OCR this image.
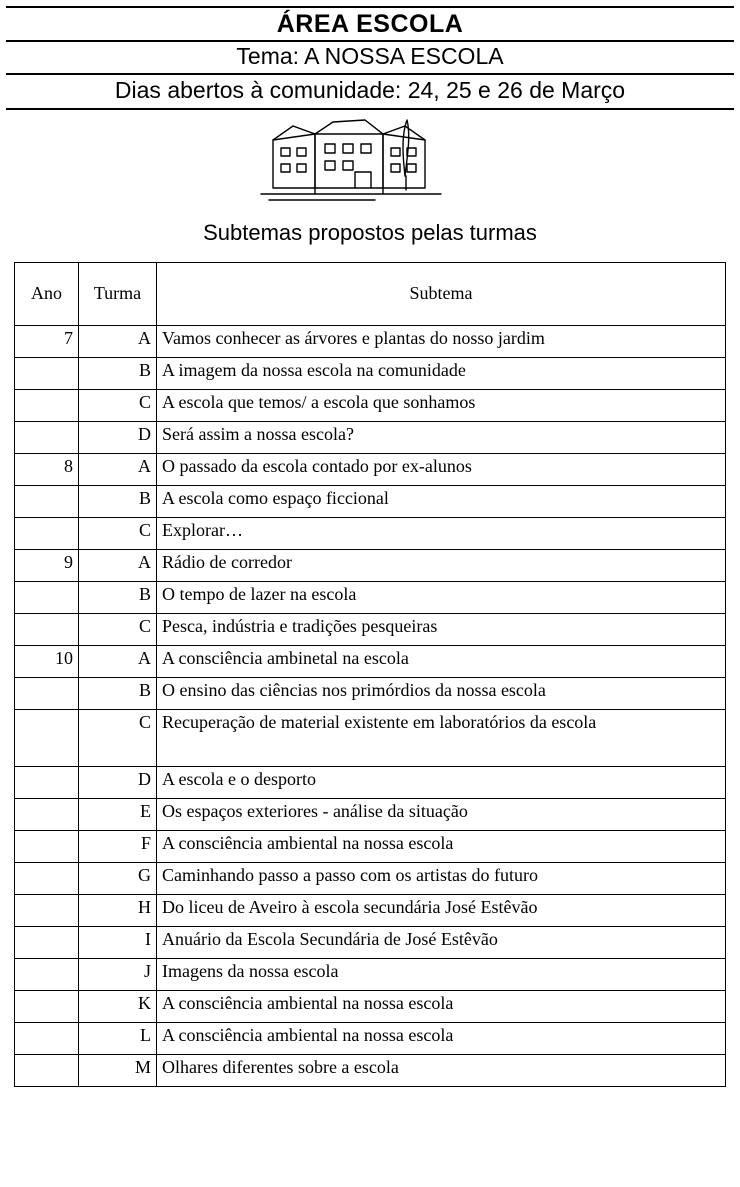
ÁREA ESCOLA
Tema: A NOSSA ESCOLA
Dias abertos à comunidade: 24, 25 e 26 de Março
Subtemas propostos pelas turmas
Ano	Turma	Subtema
7	A	Vamos conhecer as árvores e plantas do nosso jardim
	B	A imagem da nossa escola na comunidade
	C	A escola que temos/ a escola que sonhamos
	D	Será assim a nossa escola?
8	A	O passado da escola contado por ex-alunos
	B	A escola como espaço ficcional
	C	Explorar…
9	A	Rádio de corredor
	B	O tempo de lazer na escola
	C	Pesca, indústria e tradições pesqueiras
10	A	A consciência ambinetal na escola
	B	O ensino das ciências nos primórdios da nossa escola
	C	Recuperação de material existente em laboratórios da escola
	D	A escola e o desporto
	E	Os espaços exteriores - análise da situação
	F	A consciência ambiental na nossa escola
	G	Caminhando passo a passo com os artistas do futuro
	H	Do liceu de Aveiro à escola secundária José Estêvão
	I	Anuário da Escola Secundária de José Estêvão
	J	Imagens da nossa escola
	K	A consciência ambiental na nossa escola
	L	A consciência ambiental na nossa escola
	M	Olhares diferentes sobre a escola
